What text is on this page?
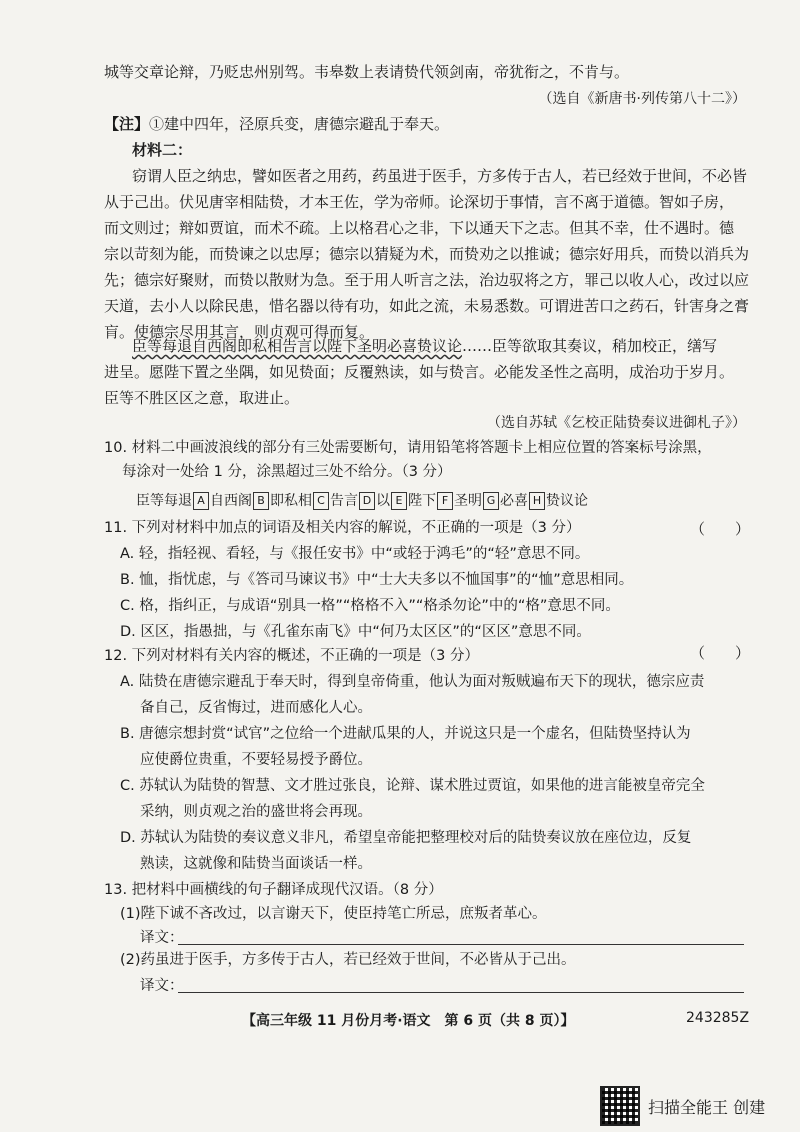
城等交章论辩，乃贬忠州别驾。韦皋数上表请贽代领剑南，帝犹衔之，不肯与。
（选自《新唐书·列传第八十二》）
【注】①建中四年，泾原兵变，唐德宗避乱于奉天。
材料二：
窃谓人臣之纳忠，譬如医者之用药，药虽进于医手，方多传于古人，若已经效于世间，不必皆
从于己出。伏见唐宰相陆贽，才本王佐，学为帝师。论深切于事情，言不离于道德。智如子房，
而文则过；辩如贾谊，而术不疏。上以格君心之非，下以通天下之志。但其不幸，仕不遇时。德
宗以苛刻为能，而贽谏之以忠厚；德宗以猜疑为术，而贽劝之以推诚；德宗好用兵，而贽以消兵为
先；德宗好聚财，而贽以散财为急。至于用人听言之法，治边驭将之方，罪己以收人心，改过以应
天道，去小人以除民患，惜名器以待有功，如此之流，未易悉数。可谓进苦口之药石，针害身之膏
肓。使德宗尽用其言，则贞观可得而复。
臣等每退自西阁即私相告言以陛下圣明必喜贽议论……臣等欲取其奏议，稍加校正，缮写
进呈。愿陛下置之坐隅，如见贽面；反覆熟读，如与贽言。必能发圣性之高明，成治功于岁月。
臣等不胜区区之意，取进止。
（选自苏轼《乞校正陆贽奏议进御札子》）
10. 材料二中画波浪线的部分有三处需要断句，请用铅笔将答题卡上相应位置的答案标号涂黑，
每涂对一处给 1 分，涂黑超过三处不给分。（3 分）
臣等每退 A 自西阁 B 即私相 C 告言 D 以 E 陛下 F 圣明 G 必喜 H 贽议论
11. 下列对材料中加点的词语及相关内容的解说，不正确的一项是（3 分）	（　　）
A. 轻，指轻视、看轻，与《报任安书》中“或轻于鸿毛”的“轻”意思不同。
B. 恤，指忧虑，与《答司马谏议书》中“士大夫多以不恤国事”的“恤”意思相同。
C. 格，指纠正，与成语“别具一格”“格格不入”“格杀勿论”中的“格”意思不同。
D. 区区，指愚拙，与《孔雀东南飞》中“何乃太区区”的“区区”意思不同。
12. 下列对材料有关内容的概述，不正确的一项是（3 分）	（　　）
A. 陆贽在唐德宗避乱于奉天时，得到皇帝倚重，他认为面对叛贼遍布天下的现状，德宗应责
备自己，反省悔过，进而感化人心。
B. 唐德宗想封赏“试官”之位给一个进献瓜果的人，并说这只是一个虚名，但陆贽坚持认为
应使爵位贵重，不要轻易授予爵位。
C. 苏轼认为陆贽的智慧、文才胜过张良，论辩、谋术胜过贾谊，如果他的进言能被皇帝完全
采纳，则贞观之治的盛世将会再现。
D. 苏轼认为陆贽的奏议意义非凡，希望皇帝能把整理校对后的陆贽奏议放在座位边，反复
熟读，这就像和陆贽当面谈话一样。
13. 把材料中画横线的句子翻译成现代汉语。（8 分）
(1)陛下诚不吝改过，以言谢天下，使臣持笔亡所忌，庶叛者革心。
译文：
(2)药虽进于医手，方多传于古人，若已经效于世间，不必皆从于己出。
译文：
【高三年级 11 月份月考·语文　第 6 页（共 8 页）】	243285Z
扫描全能王 创建
